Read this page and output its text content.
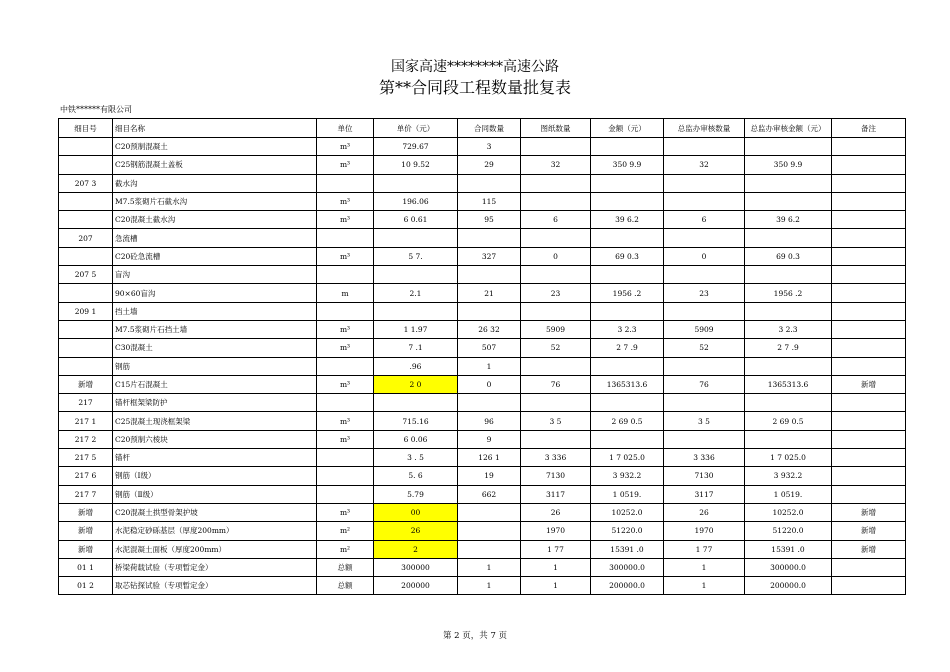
国家高速********高速公路
第**合同段工程数量批复表
中铁******有限公司
细目号	细目名称	单位	单价（元）	合同数量	图纸数量	金额（元）	总监办审核数量	总监办审核金额（元）	备注
	C20预制混凝土	m³	729.67	3					
	C25钢筋混凝土盖板	m³	10 9.52	29	32	350 9.9	32	350 9.9	
207 3	截水沟								
	M7.5浆砌片石截水沟	m³	196.06	115					
	C20混凝土截水沟	m³	6 0.61	95	6	39 6.2	6	39 6.2	
207	急流槽								
	C20砼急流槽	m³	5 7.	327	0	69 0.3	0	69 0.3	
207 5	盲沟								
	90×60盲沟	m	2.1	21	23	1956 .2	23	1956 .2	
209 1	挡土墙								
	M7.5浆砌片石挡土墙	m³	1 1.97	26 32	5909	3 2.3	5909	3 2.3	
	C30混凝土	m³	7 .1	507	52	2 7 .9	52	2 7 .9	
	钢筋		.96	1					
新增	C15片石混凝土	m³	2 0	0	76	1365313.6	76	1365313.6	新增
217	锚杆框架梁防护								
217 1	C25混凝土现浇框架梁	m³	715.16	96	3 5	2 69 0.5	3 5	2 69 0.5	
217 2	C20预制六棱块	m³	6 0.06	9					
217 5	锚杆		3 . 5	126 1	3 336	1 7 025.0	3 336	1 7 025.0	
217 6	钢筋（Ⅰ级）		5. 6	19	7130	3 932.2	7130	3 932.2	
217 7	钢筋（Ⅱ级）		5.79	662	3117	1 0519.	3117	1 0519.	
新增	C20混凝土拱型骨架护坡	m³	00		26	10252.0	26	10252.0	新增
新增	水泥稳定砂砾基层（厚度200mm）	m²	26		1970	51220.0	1970	51220.0	新增
新增	水泥混凝土面板（厚度200mm）	m²	2		1 77	15391 .0	1 77	15391 .0	新增
01 1	桥梁荷载试验（专项暂定金）	总额	300000	1	1	300000.0	1	300000.0	
01 2	取芯钻探试验（专项暂定金）	总额	200000	1	1	200000.0	1	200000.0	
第 2 页，共 7 页
